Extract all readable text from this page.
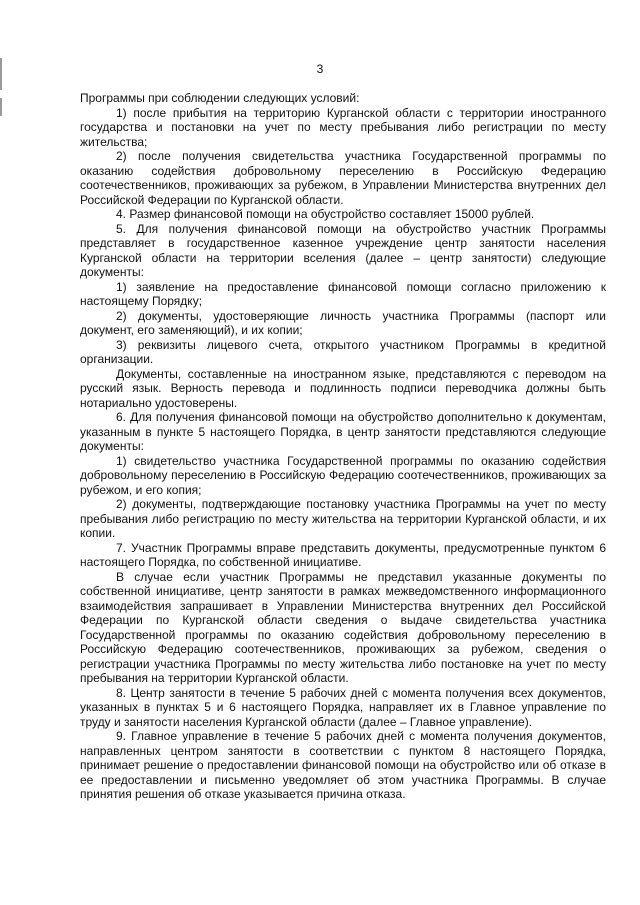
3

Программы при соблюдении следующих условий:

1) после прибытия на территорию Курганской области с территории иностранного государства и постановки на учет по месту пребывания либо регистрации по месту жительства;

2) после получения свидетельства участника Государственной программы по оказанию содействия добровольному переселению в Российскую Федерацию соотечественников, проживающих за рубежом, в Управлении Министерства внутренних дел Российской Федерации по Курганской области.

4. Размер финансовой помощи на обустройство составляет 15000 рублей.

5. Для получения финансовой помощи на обустройство участник Программы представляет в государственное казенное учреждение центр занятости населения Курганской области на территории вселения (далее – центр занятости) следующие документы:

1) заявление на предоставление финансовой помощи согласно приложению к настоящему Порядку;

2) документы, удостоверяющие личность участника Программы (паспорт или документ, его заменяющий), и их копии;

3) реквизиты лицевого счета, открытого участником Программы в кредитной организации.

Документы, составленные на иностранном языке, представляются с переводом на русский язык. Верность перевода и подлинность подписи переводчика должны быть нотариально удостоверены.

6. Для получения финансовой помощи на обустройство дополнительно к документам, указанным в пункте 5 настоящего Порядка, в центр занятости представляются следующие документы:

1) свидетельство участника Государственной программы по оказанию содействия добровольному переселению в Российскую Федерацию соотечественников, проживающих за рубежом, и его копия;

2) документы, подтверждающие постановку участника Программы на учет по месту пребывания либо регистрацию по месту жительства на территории Курганской области, и их копии.

7. Участник Программы вправе представить документы, предусмотренные пунктом 6 настоящего Порядка, по собственной инициативе.

В случае если участник Программы не представил указанные документы по собственной инициативе, центр занятости в рамках межведомственного информационного взаимодействия запрашивает в Управлении Министерства внутренних дел Российской Федерации по Курганской области сведения о выдаче свидетельства участника Государственной программы по оказанию содействия добровольному переселению в Российскую Федерацию соотечественников, проживающих за рубежом, сведения о регистрации участника Программы по месту жительства либо постановке на учет по месту пребывания на территории Курганской области.

8. Центр занятости в течение 5 рабочих дней с момента получения всех документов, указанных в пунктах 5 и 6 настоящего Порядка, направляет их в Главное управление по труду и занятости населения Курганской области (далее – Главное управление).

9. Главное управление в течение 5 рабочих дней с момента получения документов, направленных центром занятости в соответствии с пунктом 8 настоящего Порядка, принимает решение о предоставлении финансовой помощи на обустройство или об отказе в ее предоставлении и письменно уведомляет об этом участника Программы. В случае принятия решения об отказе указывается причина отказа.
